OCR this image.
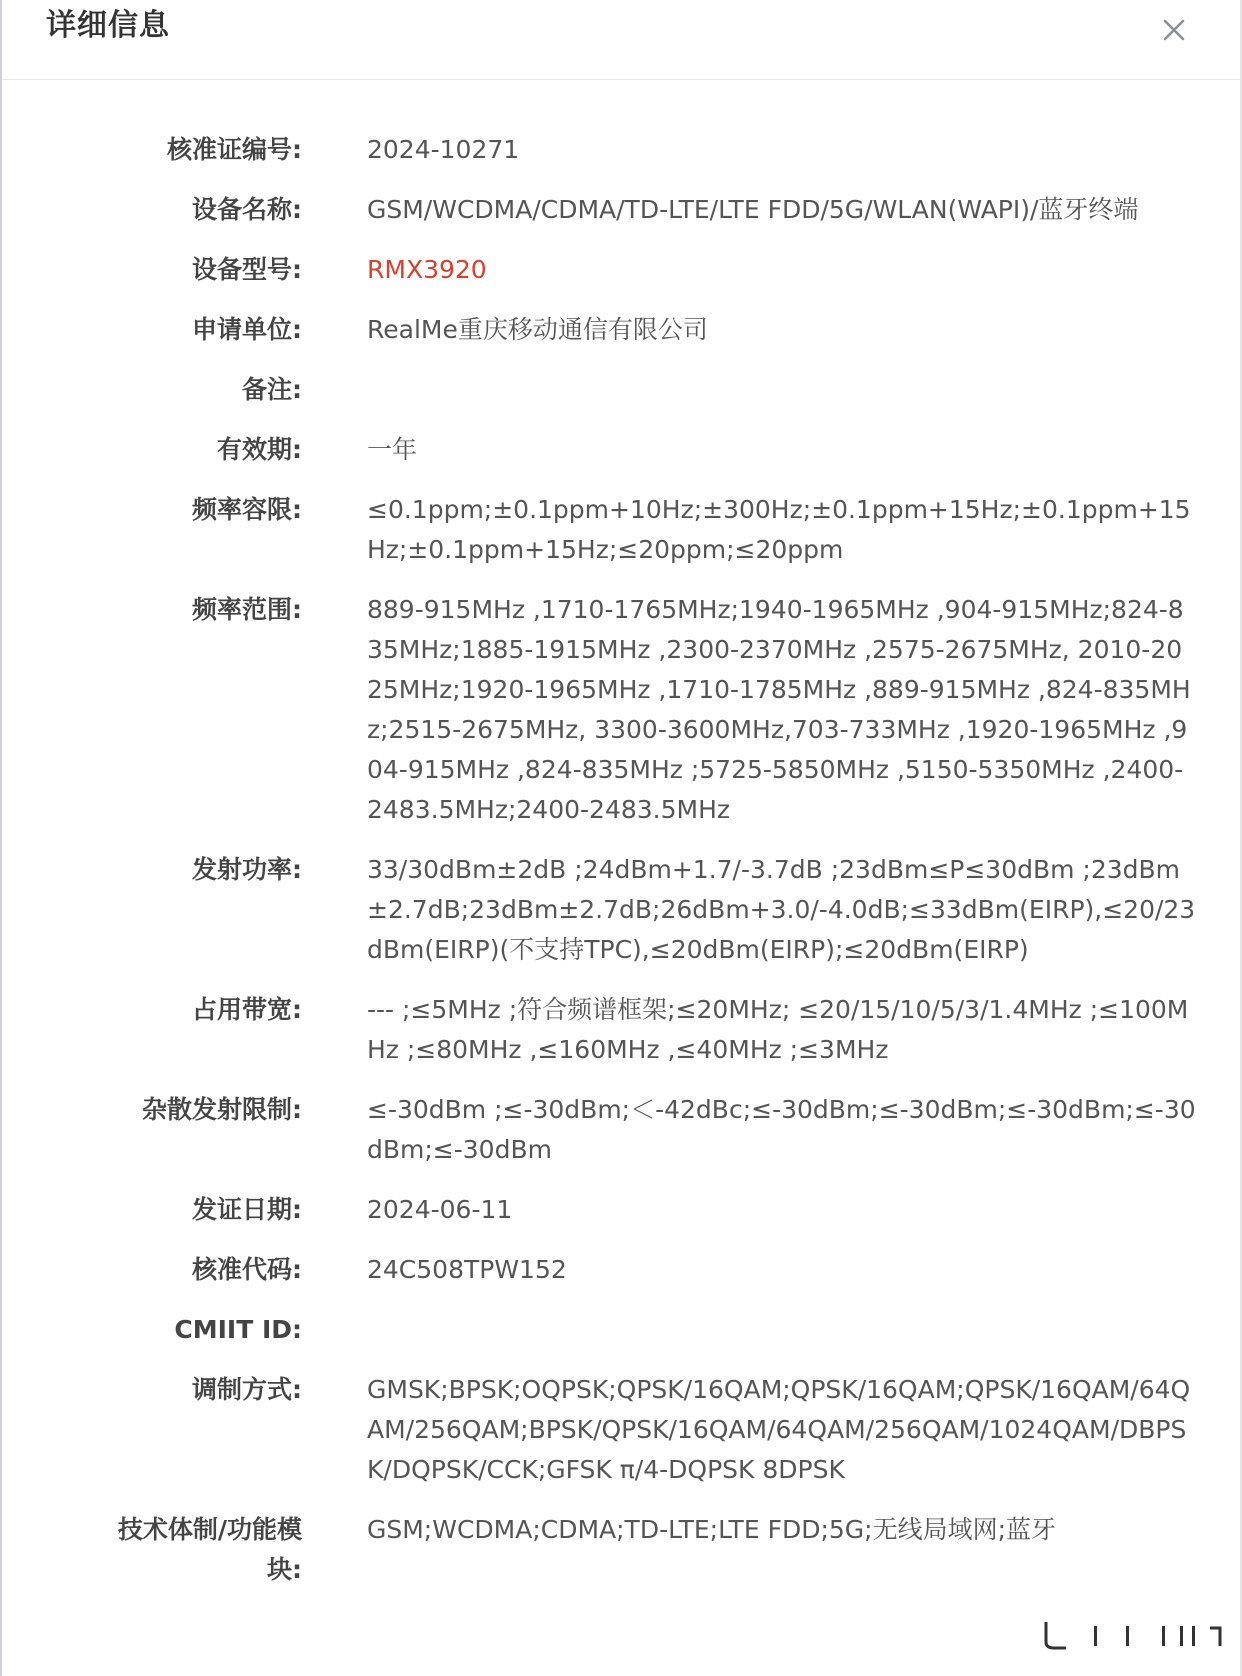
详细信息
核准证编号:	2024-10271
设备名称:	GSM/WCDMA/CDMA/TD-LTE/LTE FDD/5G/WLAN(WAPI)/蓝牙终端
设备型号:	RMX3920
申请单位:	RealMe重庆移动通信有限公司
备注:
有效期:	一年
频率容限:	≤0.1ppm;±0.1ppm+10Hz;±300Hz;±0.1ppm+15Hz;±0.1ppm+15Hz;±0.1ppm+15Hz;≤20ppm;≤20ppm
频率范围:	889-915MHz ,1710-1765MHz;1940-1965MHz ,904-915MHz;824-835MHz;1885-1915MHz ,2300-2370MHz ,2575-2675MHz, 2010-2025MHz;1920-1965MHz ,1710-1785MHz ,889-915MHz ,824-835MHz;2515-2675MHz, 3300-3600MHz,703-733MHz ,1920-1965MHz ,904-915MHz ,824-835MHz ;5725-5850MHz ,5150-5350MHz ,2400-2483.5MHz;2400-2483.5MHz
发射功率:	33/30dBm±2dB ;24dBm+1.7/-3.7dB ;23dBm≤P≤30dBm ;23dBm±2.7dB;23dBm±2.7dB;26dBm+3.0/-4.0dB;≤33dBm(EIRP),≤20/23dBm(EIRP)(不支持TPC),≤20dBm(EIRP);≤20dBm(EIRP)
占用带宽:	--- ;≤5MHz ;符合频谱框架;≤20MHz; ≤20/15/10/5/3/1.4MHz ;≤100MHz ;≤80MHz ,≤160MHz ,≤40MHz ;≤3MHz
杂散发射限制:	≤-30dBm ;≤-30dBm;＜-42dBc;≤-30dBm;≤-30dBm;≤-30dBm;≤-30dBm;≤-30dBm
发证日期:	2024-06-11
核准代码:	24C508TPW152
CMIIT ID:
调制方式:	GMSK;BPSK;OQPSK;QPSK/16QAM;QPSK/16QAM;QPSK/16QAM/64QAM/256QAM;BPSK/QPSK/16QAM/64QAM/256QAM/1024QAM/DBPSK/DQPSK/CCK;GFSK π/4-DQPSK 8DPSK
技术体制/功能模块:
GSM;WCDMA;CDMA;TD-LTE;LTE FDD;5G;无线局域网;蓝牙
